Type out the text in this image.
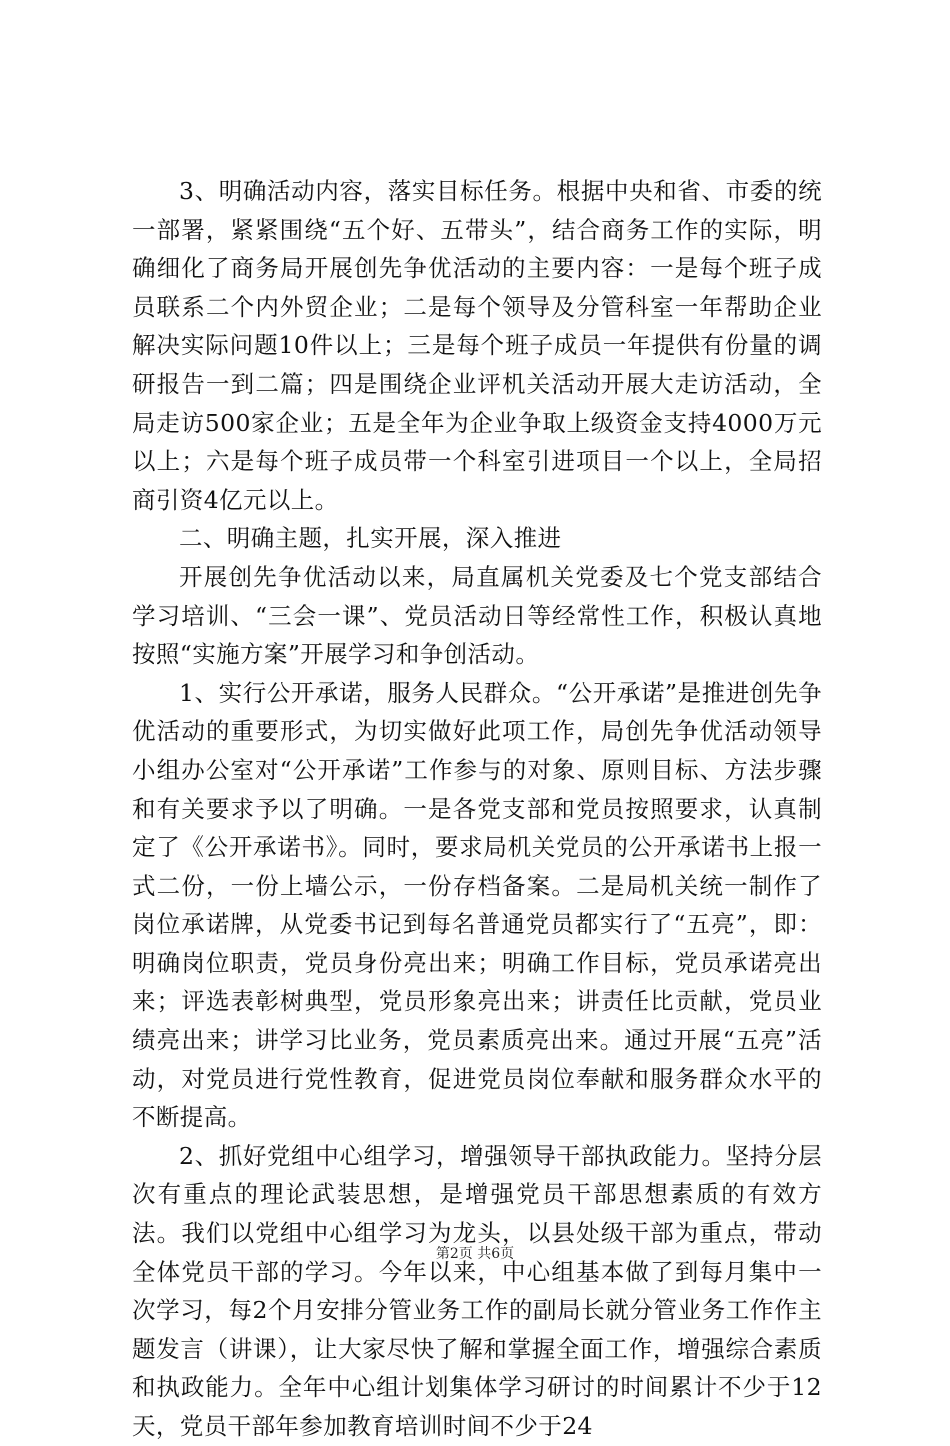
3、明确活动内容，落实目标任务。根据中央和省、市委的统一部署，紧紧围绕“五个好、五带头”，结合商务工作的实际，明确细化了商务局开展创先争优活动的主要内容：一是每个班子成员联系二个内外贸企业；二是每个领导及分管科室一年帮助企业解决实际问题10件以上；三是每个班子成员一年提供有份量的调研报告一到二篇；四是围绕企业评机关活动开展大走访活动，全局走访500家企业；五是全年为企业争取上级资金支持4000万元以上；六是每个班子成员带一个科室引进项目一个以上，全局招商引资4亿元以上。

二、明确主题，扎实开展，深入推进

开展创先争优活动以来，局直属机关党委及七个党支部结合学习培训、“三会一课”、党员活动日等经常性工作，积极认真地按照“实施方案”开展学习和争创活动。

1、实行公开承诺，服务人民群众。“公开承诺”是推进创先争优活动的重要形式，为切实做好此项工作，局创先争优活动领导小组办公室对“公开承诺”工作参与的对象、原则目标、方法步骤和有关要求予以了明确。一是各党支部和党员按照要求，认真制定了《公开承诺书》。同时，要求局机关党员的公开承诺书上报一式二份，一份上墙公示，一份存档备案。二是局机关统一制作了岗位承诺牌，从党委书记到每名普通党员都实行了“五亮”，即：明确岗位职责，党员身份亮出来；明确工作目标，党员承诺亮出来；评选表彰树典型，党员形象亮出来；讲责任比贡献，党员业绩亮出来；讲学习比业务，党员素质亮出来。通过开展“五亮”活动，对党员进行党性教育，促进党员岗位奉献和服务群众水平的不断提高。

2、抓好党组中心组学习，增强领导干部执政能力。坚持分层次有重点的理论武装思想，是增强党员干部思想素质的有效方法。我们以党组中心组学习为龙头，以县处级干部为重点，带动全体党员干部的学习。今年以来，中心组基本做了到每月集中一次学习，每2个月安排分管业务工作的副局长就分管业务工作作主题发言（讲课），让大家尽快了解和掌握全面工作，增强综合素质和执政能力。全年中心组计划集体学习研讨的时间累计不少于12天，党员干部年参加教育培训时间不少于24

第2页 共6页
